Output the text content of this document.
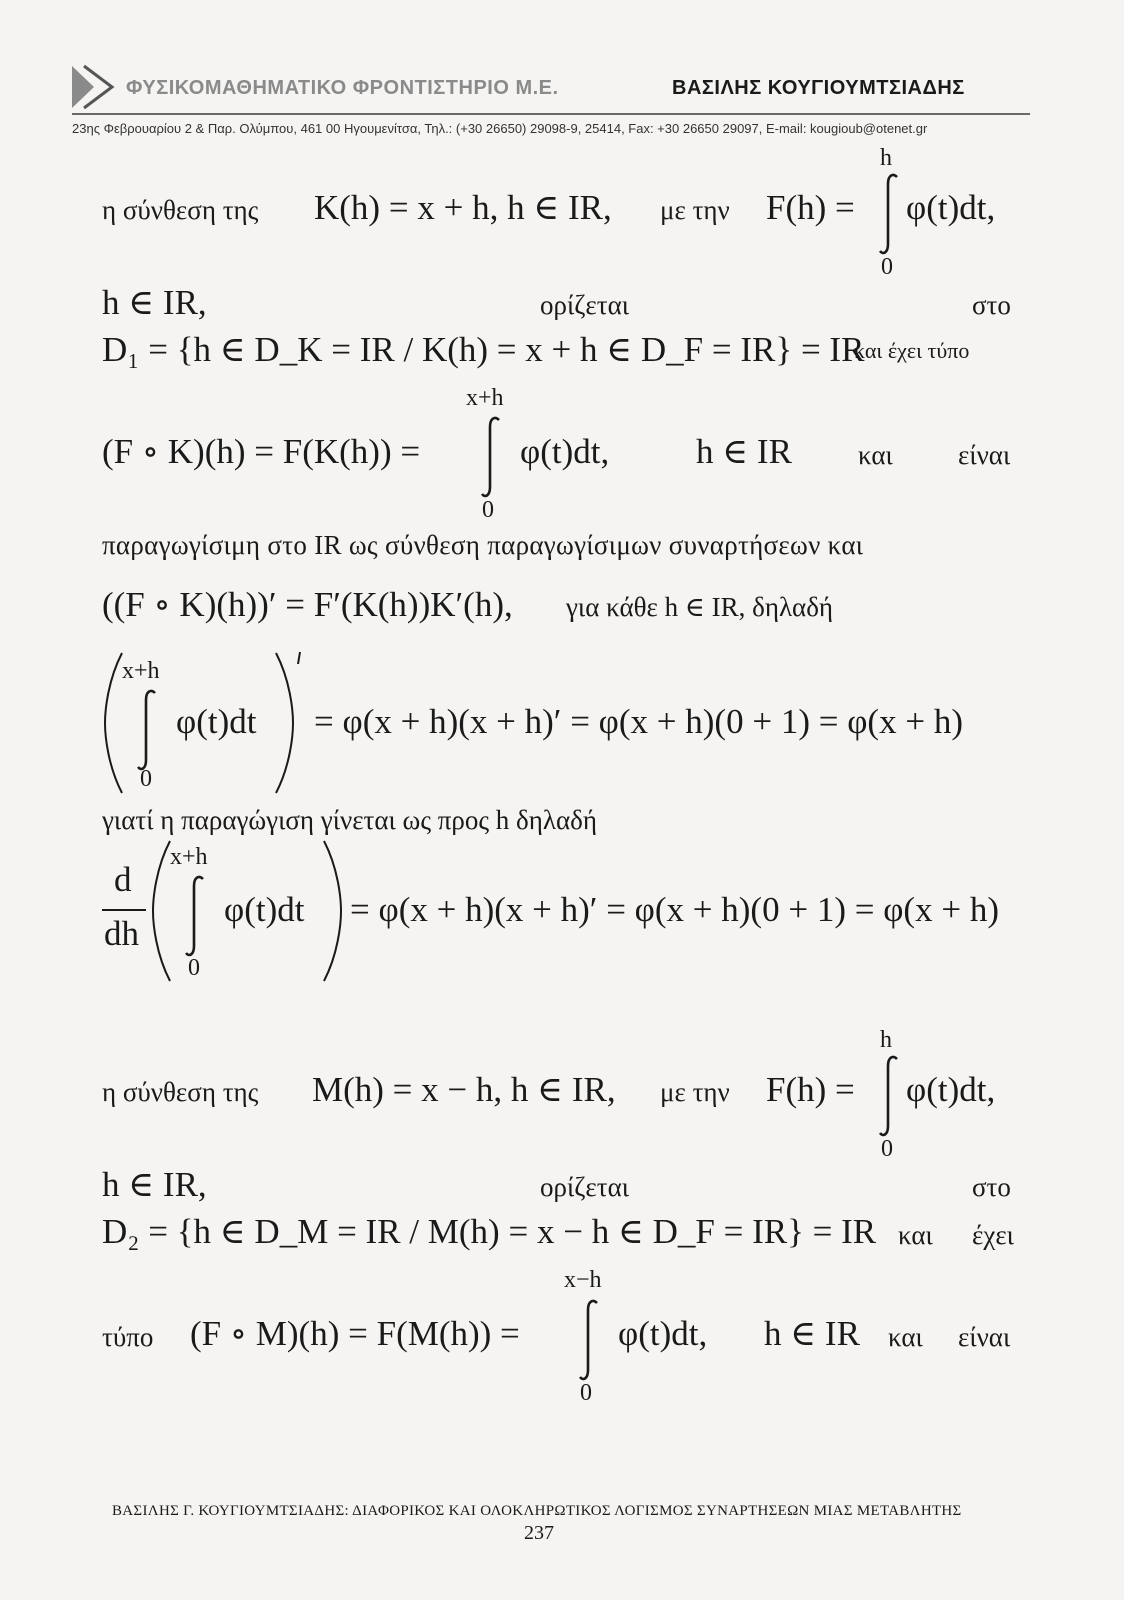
ΦΥΣΙΚΟΜΑΘΗΜΑΤΙΚΟ ΦΡΟΝΤΙΣΤΗΡΙΟ Μ.Ε.	ΒΑΣΙΛΗΣ ΚΟΥΓΙΟΥΜΤΣΙΑΔΗΣ
23ης Φεβρουαρίου 2 & Παρ. Ολύμπου, 461 00 Ηγουμενίτσα, Τηλ.: (+30 26650) 29098-9, 25414, Fax: +30 26650 29097, E-mail: kougioub@otenet.gr
η σύνθεση της K(h) = x + h, h ∈ IR, με την F(h) =
h
0
φ(t)dt,
h ∈ IR,	ορίζεται	στο
D₁ = {h ∈ D_K = IR / K(h) = x + h ∈ D_F = IR} = IR
και έχει τύπο
(F ∘ K)(h) = F(K(h)) =
x+h
0
φ(t)dt, h ∈ IR και είναι
παραγωγίσιμη στο IR ως σύνθεση παραγωγίσιμων συναρτήσεων και
((F ∘ K)(h))′ = F′(K(h))K′(h), για κάθε h ∈ IR, δηλαδή
x+h
0
φ(t)dt = φ(x + h)(x + h)′ = φ(x + h)(0 + 1) = φ(x + h)
γιατί η παραγώγιση γίνεται ως προς h δηλαδή
d
dh
x+h
0
φ(t)dt = φ(x + h)(x + h)′ = φ(x + h)(0 + 1) = φ(x + h)
η σύνθεση της M(h) = x − h, h ∈ IR, με την F(h) =
h
0
φ(t)dt,
h ∈ IR,	ορίζεται	στο
D₂ = {h ∈ D_M = IR / M(h) = x − h ∈ D_F = IR} = IR και έχει
τύπο (F ∘ M)(h) = F(M(h)) =
x−h
0
φ(t)dt, h ∈ IR και είναι
ΒΑΣΙΛΗΣ Γ. ΚΟΥΓΙΟΥΜΤΣΙΑΔΗΣ: ΔΙΑΦΟΡΙΚΟΣ ΚΑΙ ΟΛΟΚΛΗΡΩΤΙΚΟΣ ΛΟΓΙΣΜΟΣ ΣΥΝΑΡΤΗΣΕΩΝ ΜΙΑΣ ΜΕΤΑΒΛΗΤΗΣ
237
